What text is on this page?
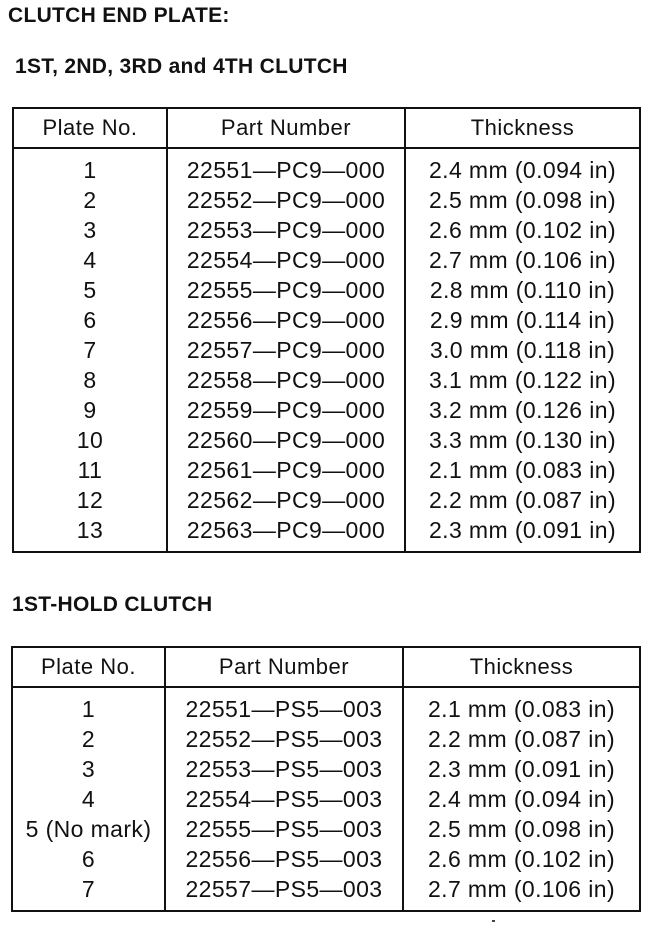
CLUTCH END PLATE:
1ST, 2ND, 3RD and 4TH CLUTCH
Plate No.	Part Number	Thickness
1	22551—PC9—000	2.4 mm (0.094 in)
2	22552—PC9—000	2.5 mm (0.098 in)
3	22553—PC9—000	2.6 mm (0.102 in)
4	22554—PC9—000	2.7 mm (0.106 in)
5	22555—PC9—000	2.8 mm (0.110 in)
6	22556—PC9—000	2.9 mm (0.114 in)
7	22557—PC9—000	3.0 mm (0.118 in)
8	22558—PC9—000	3.1 mm (0.122 in)
9	22559—PC9—000	3.2 mm (0.126 in)
10	22560—PC9—000	3.3 mm (0.130 in)
11	22561—PC9—000	2.1 mm (0.083 in)
12	22562—PC9—000	2.2 mm (0.087 in)
13	22563—PC9—000	2.3 mm (0.091 in)
1ST-HOLD CLUTCH
Plate No.	Part Number	Thickness
1	22551—PS5—003	2.1 mm (0.083 in)
2	22552—PS5—003	2.2 mm (0.087 in)
3	22553—PS5—003	2.3 mm (0.091 in)
4	22554—PS5—003	2.4 mm (0.094 in)
5 (No mark)	22555—PS5—003	2.5 mm (0.098 in)
6	22556—PS5—003	2.6 mm (0.102 in)
7	22557—PS5—003	2.7 mm (0.106 in)
